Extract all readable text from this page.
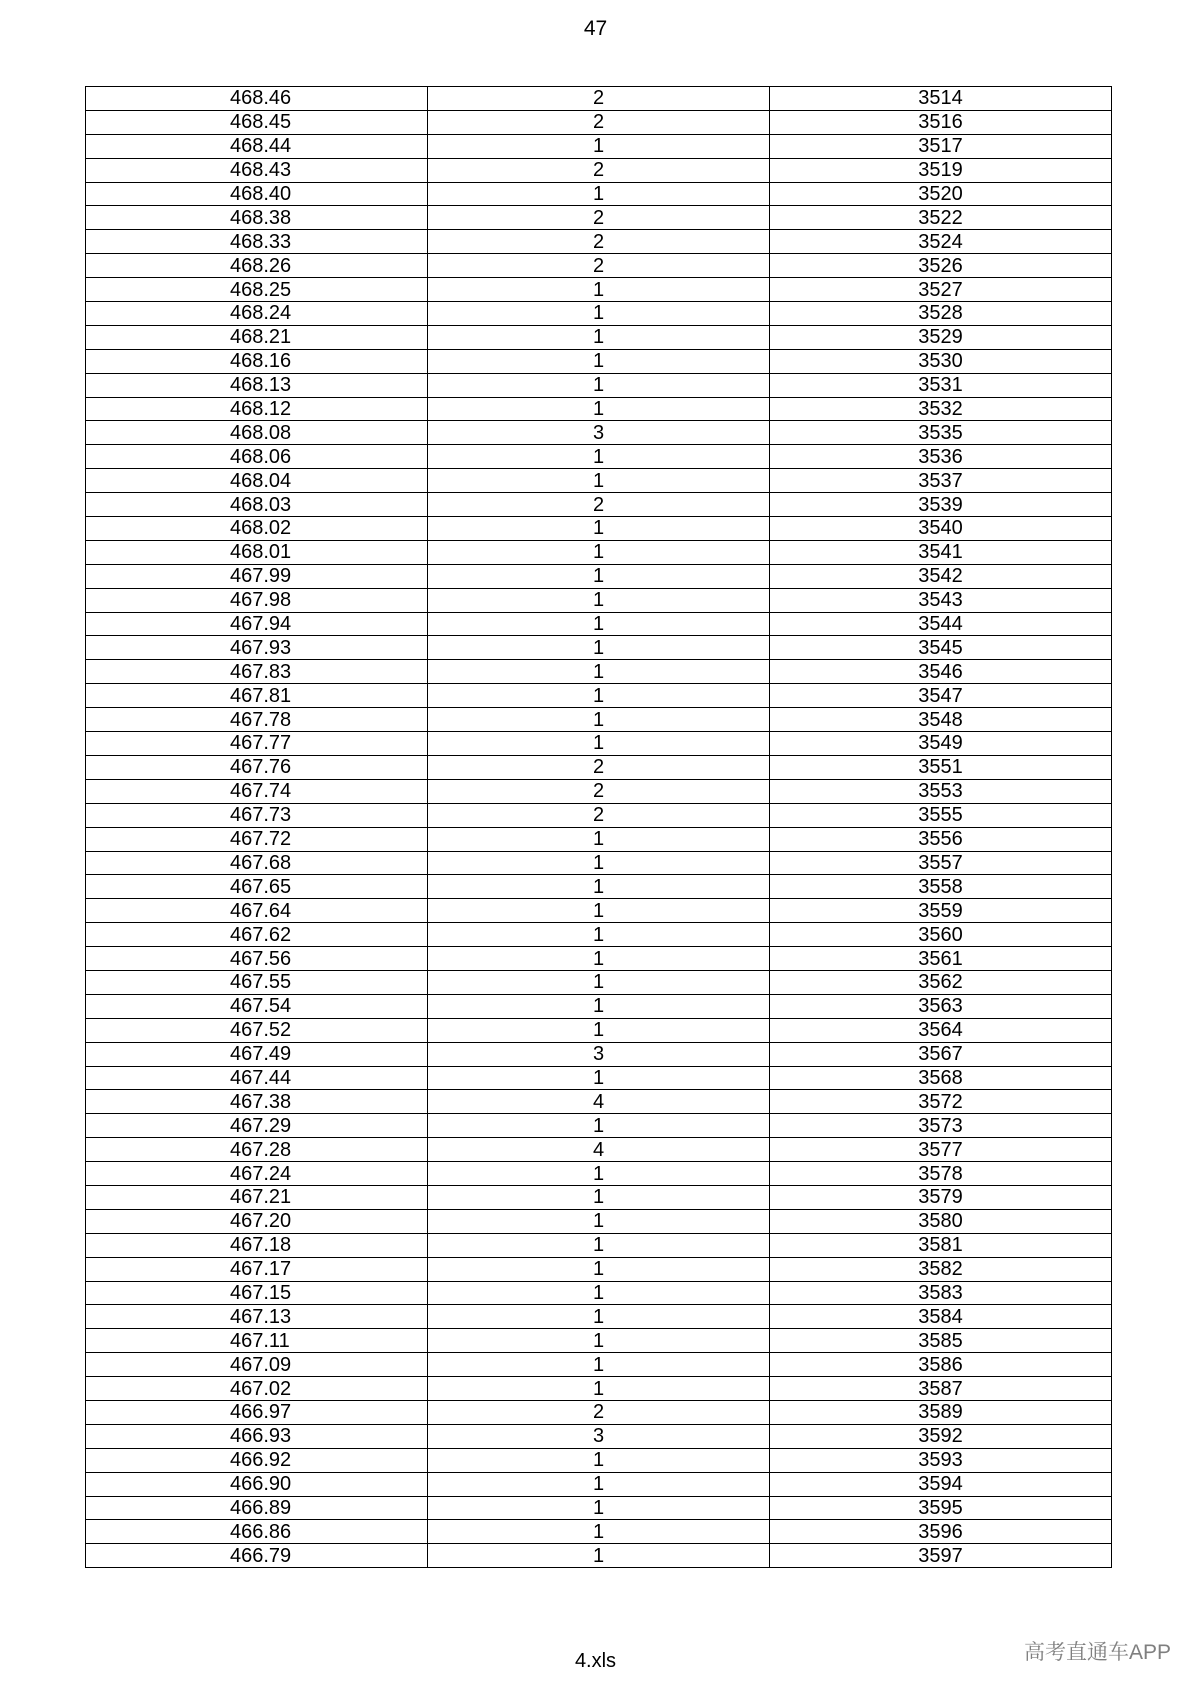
47
468.46	2	3514
468.45	2	3516
468.44	1	3517
468.43	2	3519
468.40	1	3520
468.38	2	3522
468.33	2	3524
468.26	2	3526
468.25	1	3527
468.24	1	3528
468.21	1	3529
468.16	1	3530
468.13	1	3531
468.12	1	3532
468.08	3	3535
468.06	1	3536
468.04	1	3537
468.03	2	3539
468.02	1	3540
468.01	1	3541
467.99	1	3542
467.98	1	3543
467.94	1	3544
467.93	1	3545
467.83	1	3546
467.81	1	3547
467.78	1	3548
467.77	1	3549
467.76	2	3551
467.74	2	3553
467.73	2	3555
467.72	1	3556
467.68	1	3557
467.65	1	3558
467.64	1	3559
467.62	1	3560
467.56	1	3561
467.55	1	3562
467.54	1	3563
467.52	1	3564
467.49	3	3567
467.44	1	3568
467.38	4	3572
467.29	1	3573
467.28	4	3577
467.24	1	3578
467.21	1	3579
467.20	1	3580
467.18	1	3581
467.17	1	3582
467.15	1	3583
467.13	1	3584
467.11	1	3585
467.09	1	3586
467.02	1	3587
466.97	2	3589
466.93	3	3592
466.92	1	3593
466.90	1	3594
466.89	1	3595
466.86	1	3596
466.79	1	3597
4.xls	高考直通车APP
